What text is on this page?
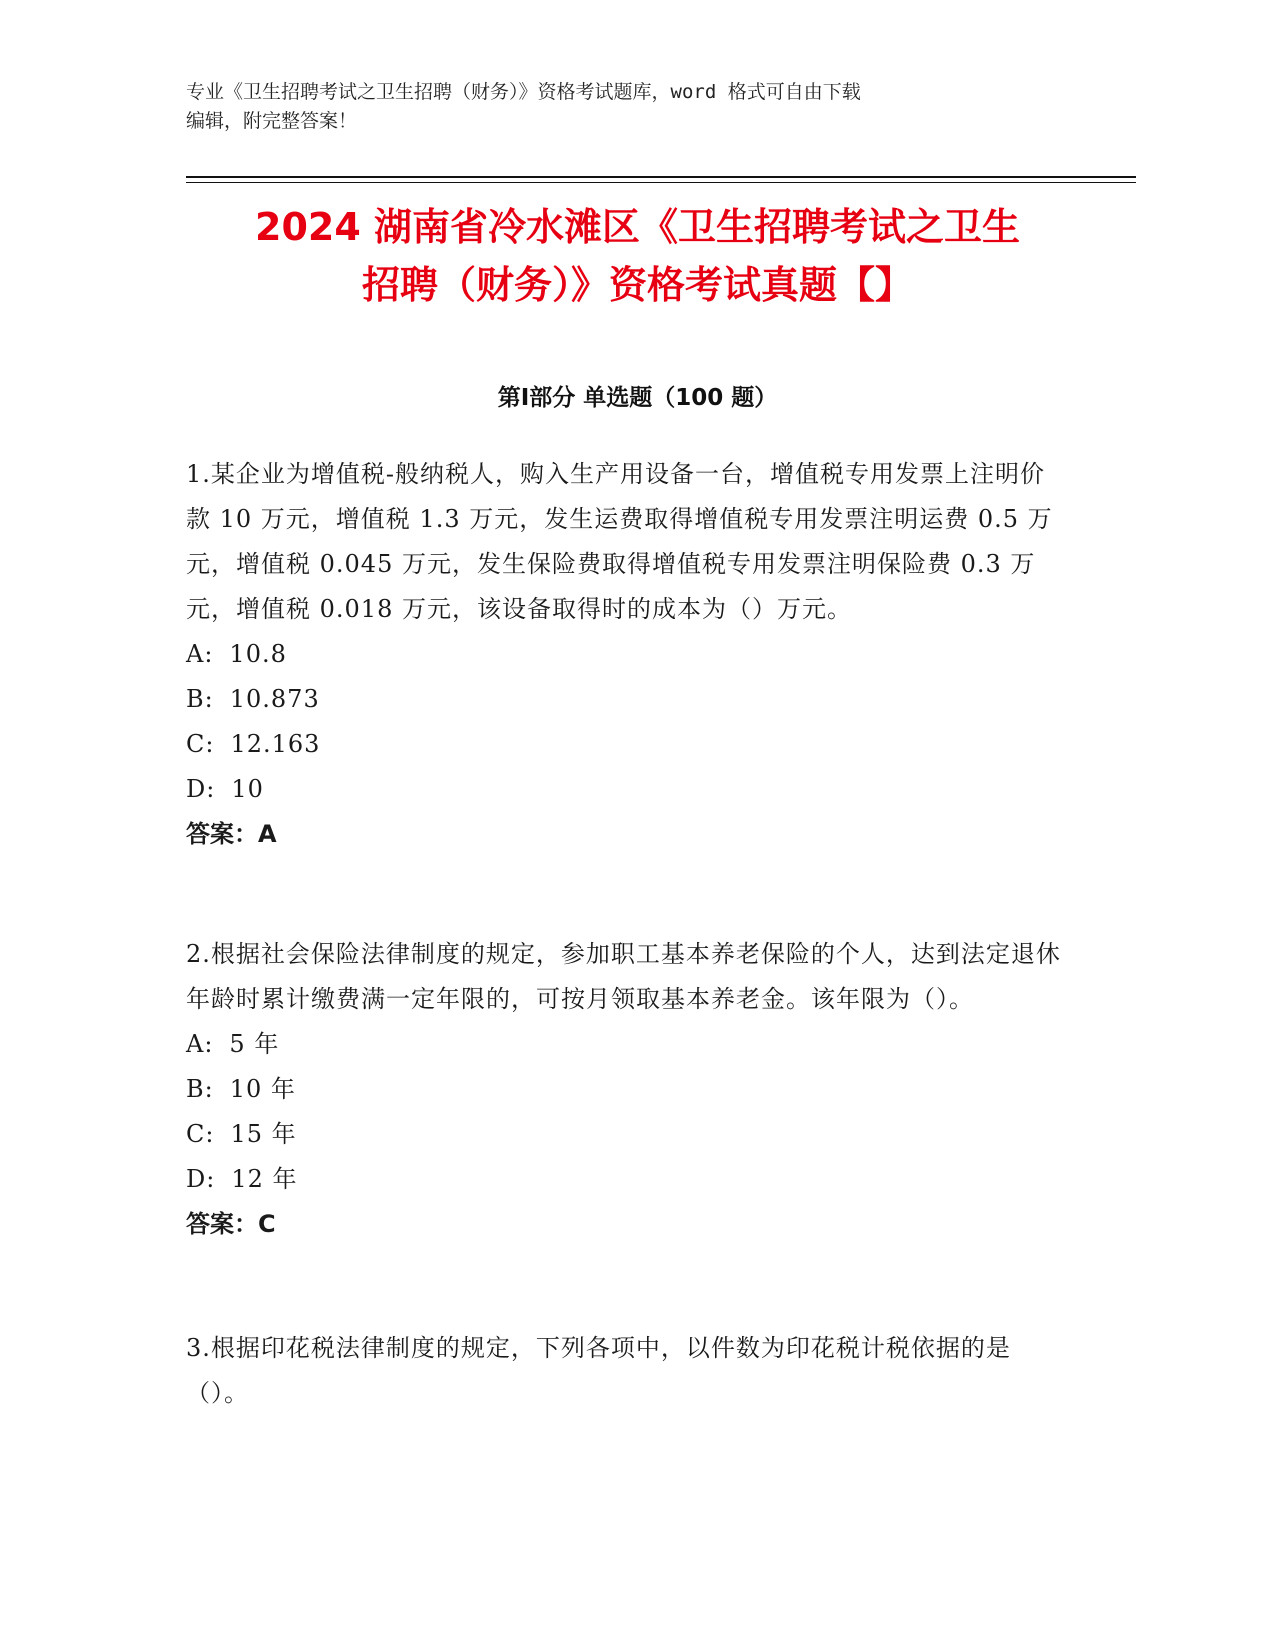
专业《卫生招聘考试之卫生招聘（财务）》资格考试题库，word 格式可自由下载
编辑，附完整答案！
2024 湖南省冷水滩区《卫生招聘考试之卫生
招聘（财务）》资格考试真题【】
第Ⅰ部分 单选题（100 题）

1.某企业为增值税-般纳税人，购入生产用设备一台，增值税专用发票上注明价款 10 万元，增值税 1.3 万元，发生运费取得增值税专用发票注明运费 0.5 万元，增值税 0.045 万元，发生保险费取得增值税专用发票注明保险费 0.3 万元，增值税 0.018 万元，该设备取得时的成本为（）万元。

A: 10.8

B: 10.873

C: 12.163

D: 10

答案：A

2.根据社会保险法律制度的规定，参加职工基本养老保险的个人，达到法定退休年龄时累计缴费满一定年限的，可按月领取基本养老金。该年限为（）。

A: 5 年

B: 10 年

C: 15 年

D: 12 年

答案：C

3.根据印花税法律制度的规定，下列各项中，以件数为印花税计税依据的是（）。
